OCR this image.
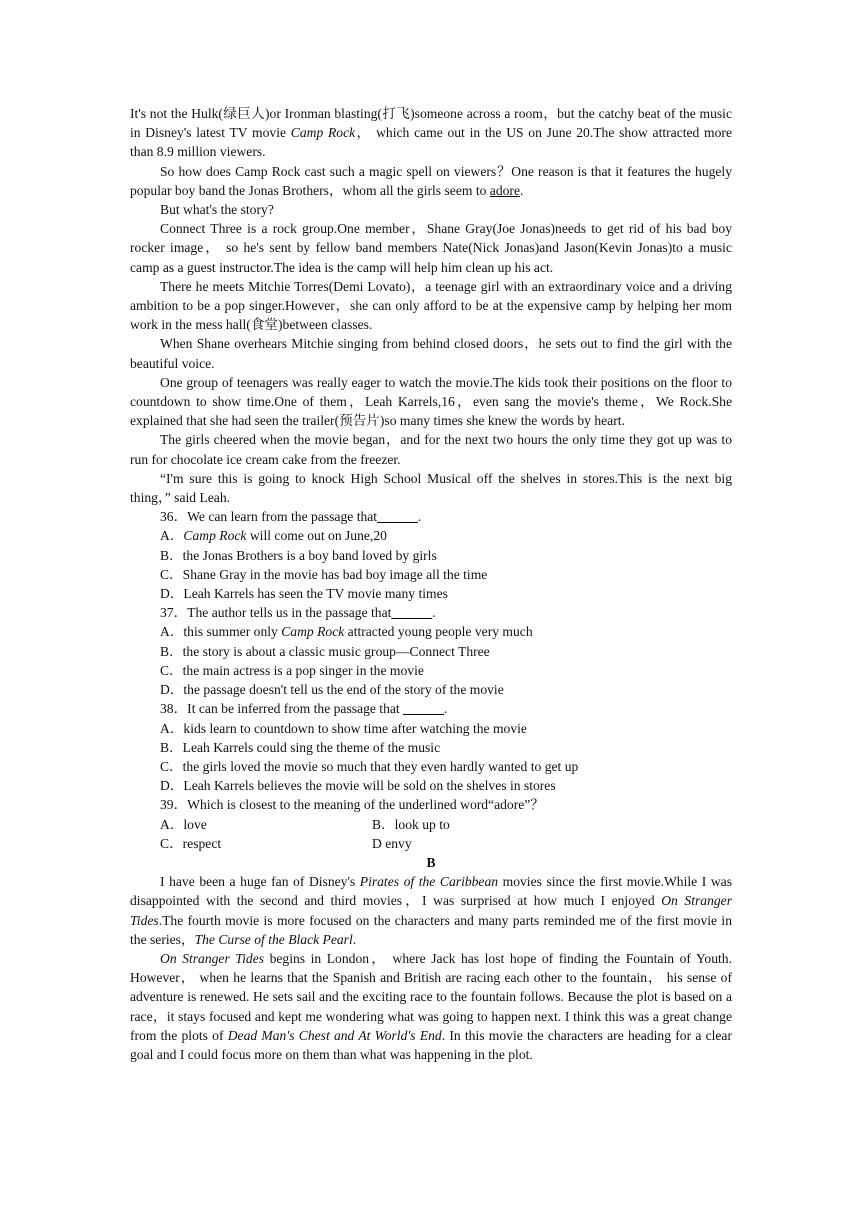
It's not the Hulk(绿巨人)or Ironman blasting(打飞)someone across a room，but the catchy beat of the music in Disney's latest TV movie Camp Rock， which came out in the US on June 20.The show attracted more than 8.9 million viewers.

So how does Camp Rock cast such a magic spell on viewers？One reason is that it features the hugely popular boy band the Jonas Brothers，whom all the girls seem to adore.

But what's the story?

Connect Three is a rock group.One member，Shane Gray(Joe Jonas)needs to get rid of his bad boy rocker image， so he's sent by fellow band members Nate(Nick Jonas)and Jason(Kevin Jonas)to a music camp as a guest instructor.The idea is the camp will help him clean up his act.

There he meets Mitchie Torres(Demi Lovato)，a teenage girl with an extraordinary voice and a driving ambition to be a pop singer.However，she can only afford to be at the expensive camp by helping her mom work in the mess hall(食堂)between classes.

When Shane overhears Mitchie singing from behind closed doors，he sets out to find the girl with the beautiful voice.

One group of teenagers was really eager to watch the movie.The kids took their positions on the floor to countdown to show time.One of them，Leah Karrels,16，even sang the movie's theme，We Rock.She explained that she had seen the trailer(预告片)so many times she knew the words by heart.

The girls cheered when the movie began，and for the next two hours the only time they got up was to run for chocolate ice cream cake from the freezer.

“I'm sure this is going to knock High School Musical off the shelves in stores.This is the next big thing，” said Leah.

36．We can learn from the passage that______.

A．Camp Rock will come out on June,20

B．the Jonas Brothers is a boy band loved by girls

C．Shane Gray in the movie has bad boy image all the time

D．Leah Karrels has seen the TV movie many times

37．The author tells us in the passage that______.

A．this summer only Camp Rock attracted young people very much

B．the story is about a classic music group—Connect Three

C．the main actress is a pop singer in the movie

D．the passage doesn't tell us the end of the story of the movie

38．It can be inferred from the passage that ______.

A．kids learn to countdown to show time after watching the movie

B．Leah Karrels could sing the theme of the music

C．the girls loved the movie so much that they even hardly wanted to get up

D．Leah Karrels believes the movie will be sold on the shelves in stores

39．Which is closest to the meaning of the underlined word“adore”？

A．love	B．look up to
C．respect	D envy

B

I have been a huge fan of Disney's Pirates of the Caribbean movies since the first movie.While I was disappointed with the second and third movies，I was surprised at how much I enjoyed On Stranger Tides.The fourth movie is more focused on the characters and many parts reminded me of the first movie in the series，The Curse of the Black Pearl.

On Stranger Tides begins in London， where Jack has lost hope of finding the Fountain of Youth. However， when he learns that the Spanish and British are racing each other to the fountain， his sense of adventure is renewed. He sets sail and the exciting race to the fountain follows. Because the plot is based on a race，it stays focused and kept me wondering what was going to happen next. I think this was a great change from the plots of Dead Man's Chest and At World's End. In this movie the characters are heading for a clear goal and I could focus more on them than what was happening in the plot.
